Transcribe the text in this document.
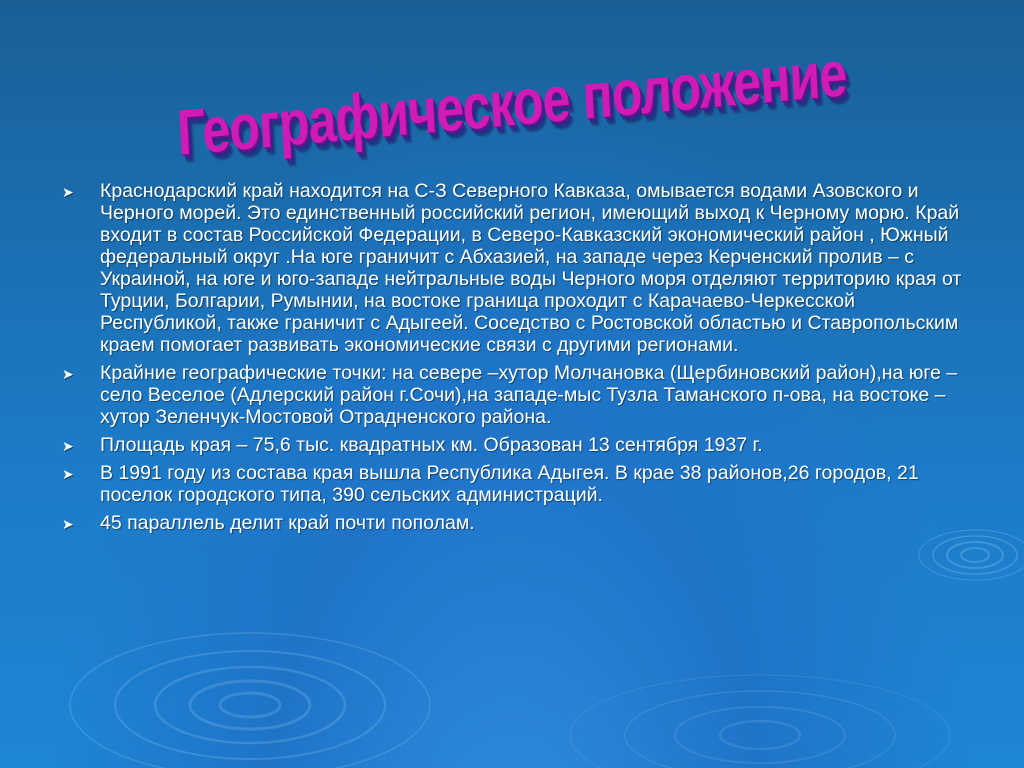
Географическое положение
➤ Краснодарский край находится на С-З Северного Кавказа, омывается водами Азовского и Черного морей. Это единственный российский регион, имеющий выход к Черному морю. Край входит в состав Российской Федерации, в Северо-Кавказский экономический район , Южный федеральный округ .На юге граничит с Абхазией, на западе через Керченский пролив – с Украиной, на юге и юго-западе нейтральные воды Черного моря отделяют территорию края от Турции, Болгарии, Румынии, на востоке граница проходит с Карачаево-Черкесской Республикой, также граничит с Адыгеей. Соседство с Ростовской областью и Ставропольским краем помогает развивать экономические связи с другими регионами.
➤ Крайние географические точки: на севере –хутор Молчановка (Щербиновский район),на юге –село Веселое (Адлерский район г.Сочи),на западе-мыс Тузла Таманского п-ова, на востоке –хутор Зеленчук-Мостовой Отрадненского района.
➤ Площадь края – 75,6 тыс. квадратных км. Образован 13 сентября 1937 г.
➤ В 1991 году из состава края вышла Республика Адыгея. В крае 38 районов,26 городов, 21 поселок городского типа, 390 сельских администраций.
➤ 45 параллель делит край почти пополам.
